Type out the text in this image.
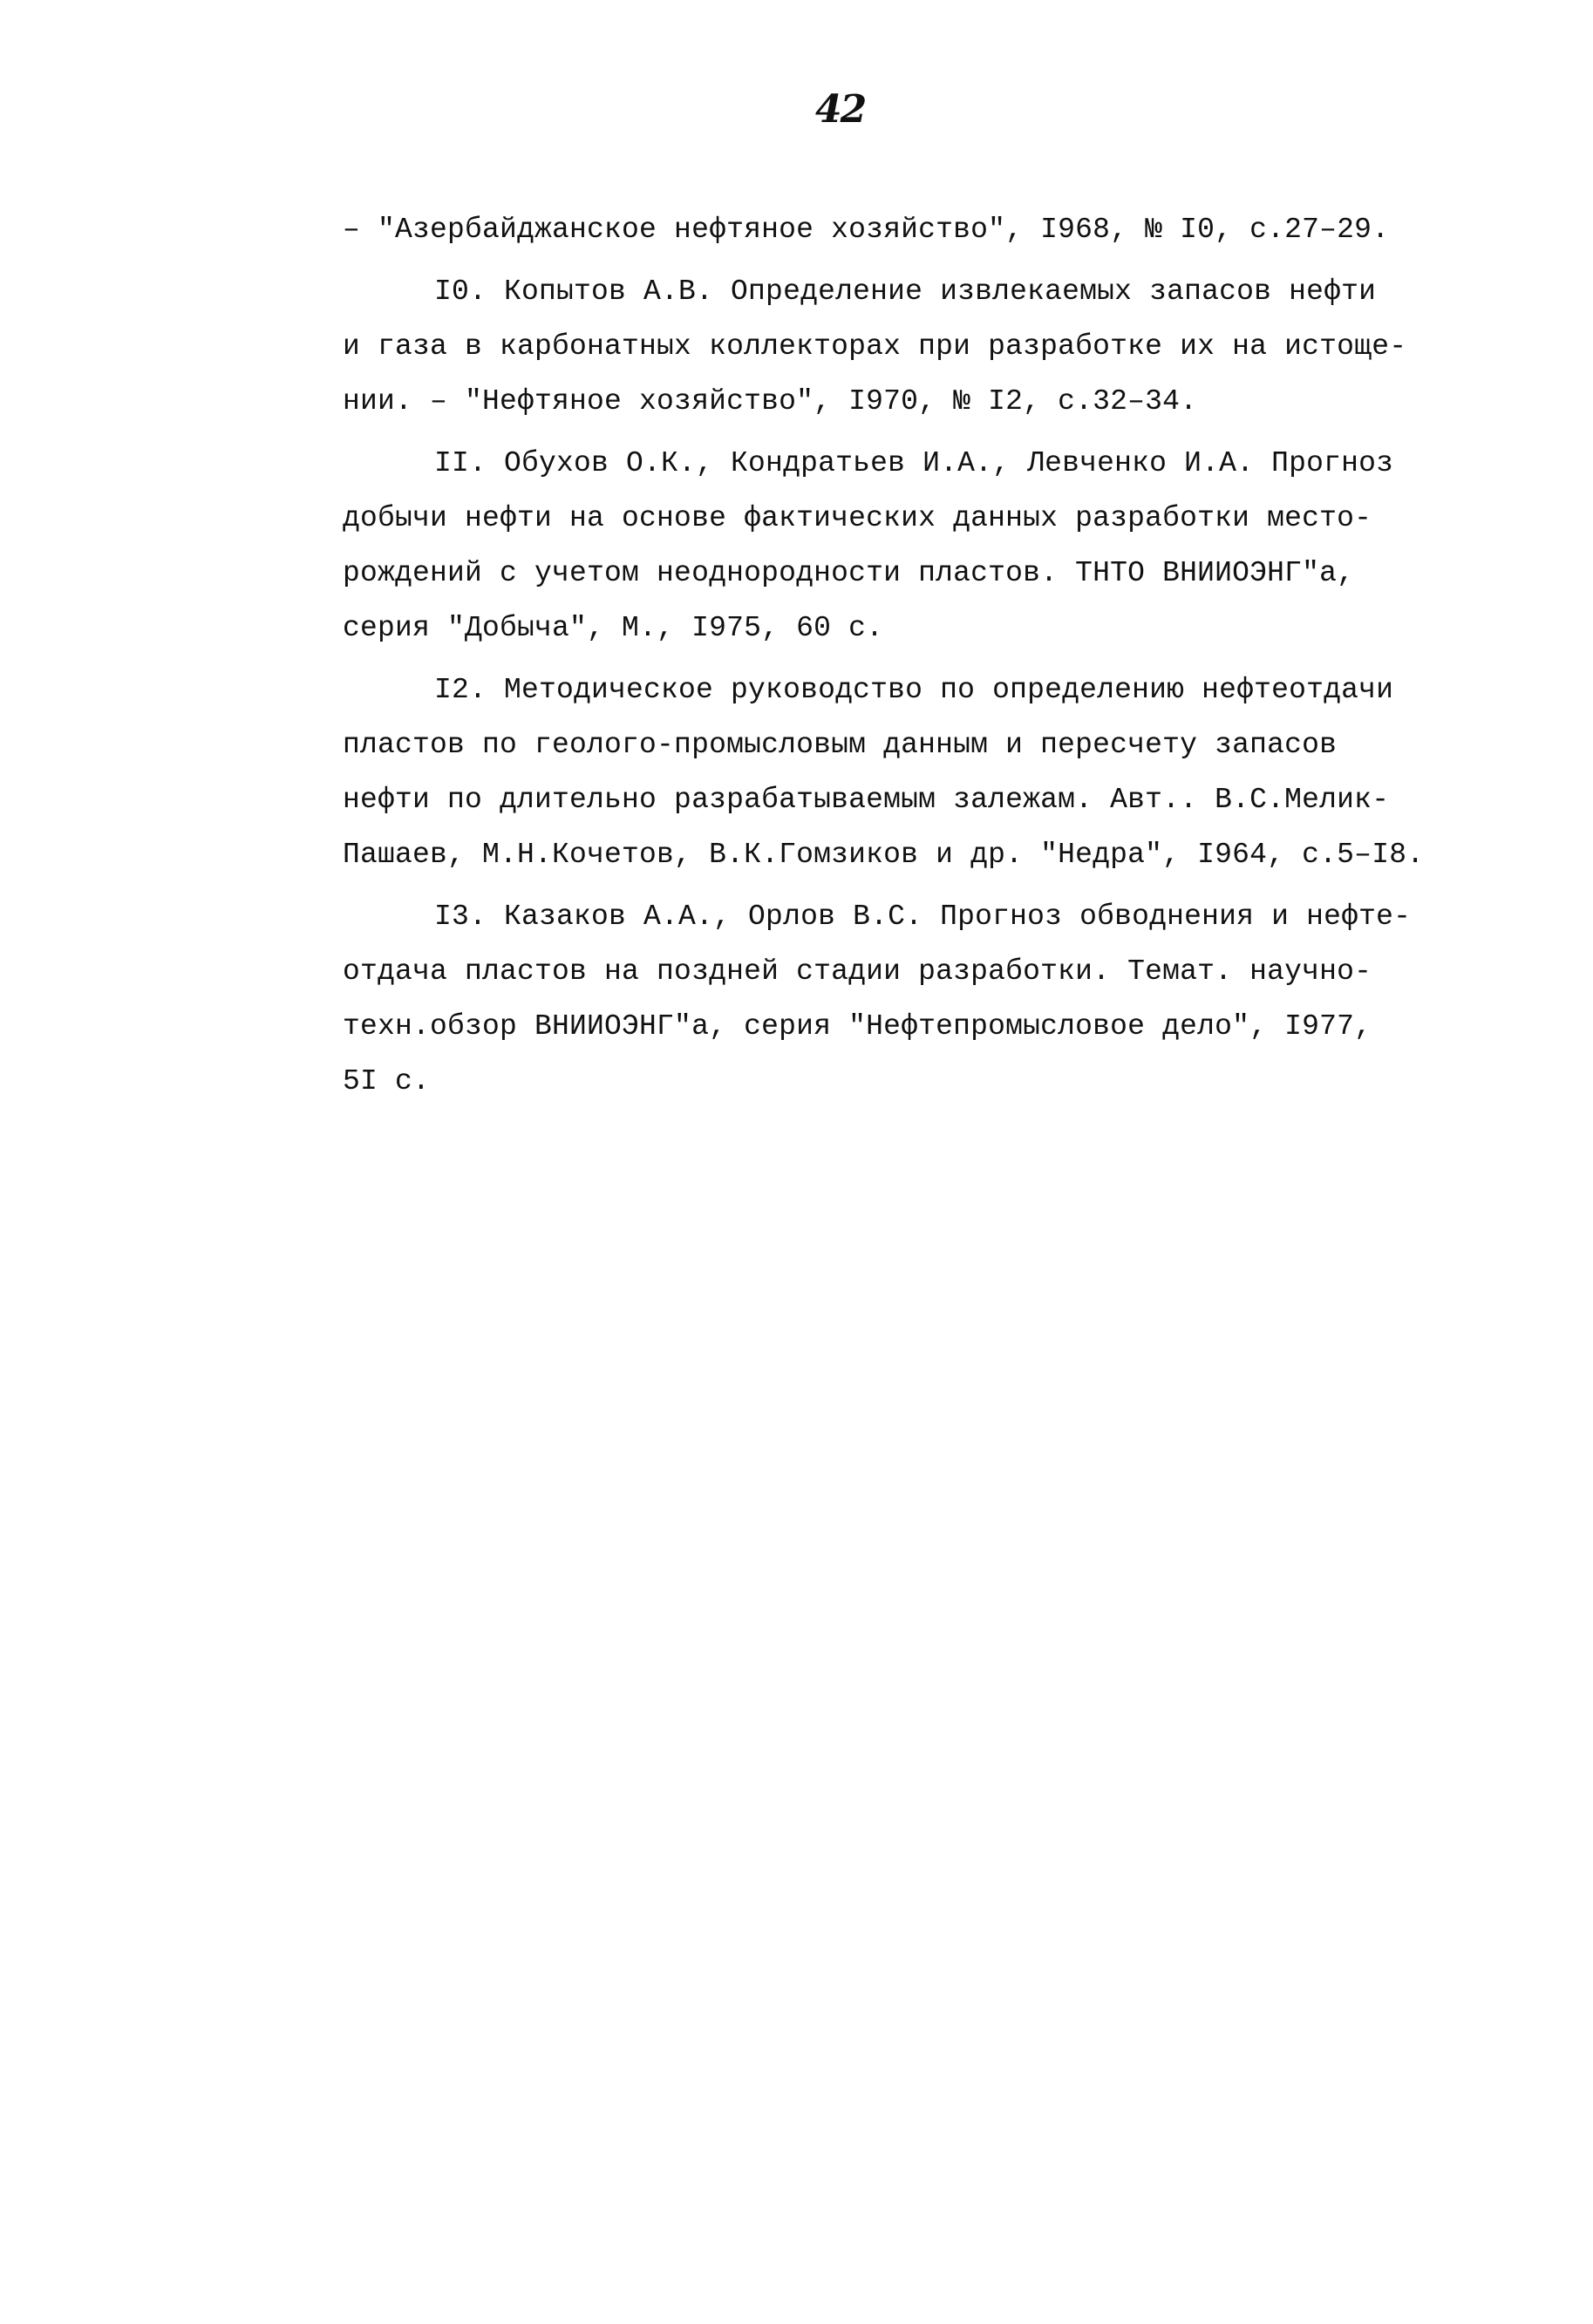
42
– "Азербайджанское нефтяное хозяйство", I968, № I0, с.27–29.
I0. Копытов А.В. Определение извлекаемых запасов нефти
и газа в карбонатных коллекторах при разработке их на истоще-
нии. – "Нефтяное хозяйство", I970, № I2, с.32–34.
II. Обухов О.К., Кондратьев И.А., Левченко И.А. Прогноз
добычи нефти на основе фактических данных разработки место-
рождений с учетом неоднородности пластов. ТНТО ВНИИОЭНГ"а,
серия "Добыча", М., I975, 60 с.
I2. Методическое руководство по определению нефтеотдачи
пластов по геолого-промысловым данным и пересчету запасов
нефти по длительно разрабатываемым залежам. Авт.. В.С.Мелик-
Пашаев, М.Н.Кочетов, В.К.Гомзиков и др. "Недра", I964, с.5–I8.
I3. Казаков А.А., Орлов В.С. Прогноз обводнения и нефте-
отдача пластов на поздней стадии разработки. Темат. научно-
техн.обзор ВНИИОЭНГ"а, серия "Нефтепромысловое дело", I977,
5I с.
